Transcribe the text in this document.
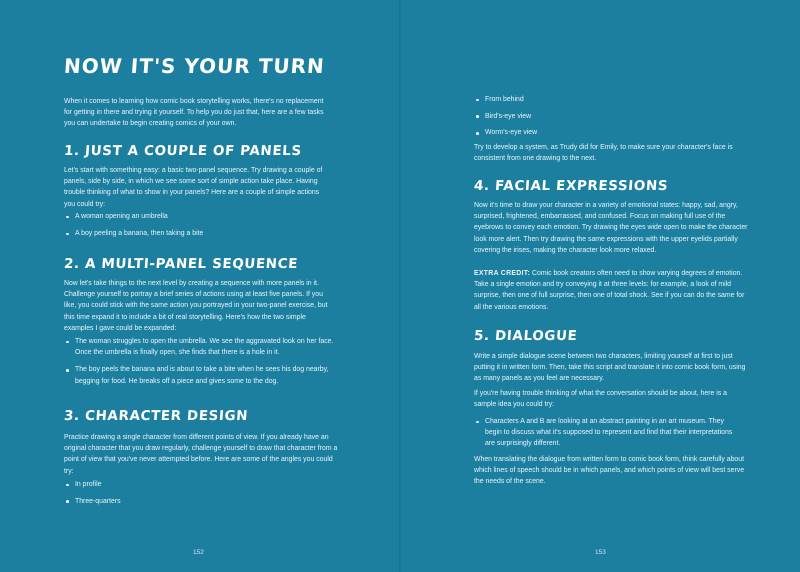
NOW IT'S YOUR TURN
When it comes to learning how comic book storytelling works, there's no replacement for getting in there and trying it yourself. To help you do just that, here are a few tasks you can undertake to begin creating comics of your own.
1. JUST A COUPLE OF PANELS
Let's start with something easy: a basic two-panel sequence. Try drawing a couple of panels, side by side, in which we see some sort of simple action take place. Having trouble thinking of what to show in your panels? Here are a couple of simple actions you could try:
A woman opening an umbrella
A boy peeling a banana, then taking a bite
2. A MULTI-PANEL SEQUENCE
Now let's take things to the next level by creating a sequence with more panels in it. Challenge yourself to portray a brief series of actions using at least five panels. If you like, you could stick with the same action you portrayed in your two-panel exercise, but this time expand it to include a bit of real storytelling. Here's how the two simple examples I gave could be expanded:
The woman struggles to open the umbrella. We see the aggravated look on her face. Once the umbrella is finally open, she finds that there is a hole in it.
The boy peels the banana and is about to take a bite when he sees his dog nearby, begging for food. He breaks off a piece and gives some to the dog.
3. CHARACTER DESIGN
Practice drawing a single character from different points of view. If you already have an original character that you draw regularly, challenge yourself to draw that character from a point of view that you've never attempted before. Here are some of the angles you could try:
In profile
Three-quarters
152
From behind
Bird's-eye view
Worm's-eye view
Try to develop a system, as Trudy did for Emily, to make sure your character's face is consistent from one drawing to the next.
4. FACIAL EXPRESSIONS
Now it's time to draw your character in a variety of emotional states: happy, sad, angry, surprised, frightened, embarrassed, and confused. Focus on making full use of the eyebrows to convey each emotion. Try drawing the eyes wide open to make the character look more alert. Then try drawing the same expressions with the upper eyelids partially covering the irises, making the character look more relaxed.
EXTRA CREDIT: Comic book creators often need to show varying degrees of emotion. Take a single emotion and try conveying it at three levels: for example, a look of mild surprise, then one of full surprise, then one of total shock. See if you can do the same for all the various emotions.
5. DIALOGUE
Write a simple dialogue scene between two characters, limiting yourself at first to just putting it in written form. Then, take this script and translate it into comic book form, using as many panels as you feel are necessary.
If you're having trouble thinking of what the conversation should be about, here is a sample idea you could try:
Characters A and B are looking at an abstract painting in an art museum. They begin to discuss what it's supposed to represent and find that their interpretations are surprisingly different.
When translating the dialogue from written form to comic book form, think carefully about which lines of speech should be in which panels, and which points of view will best serve the needs of the scene.
153
